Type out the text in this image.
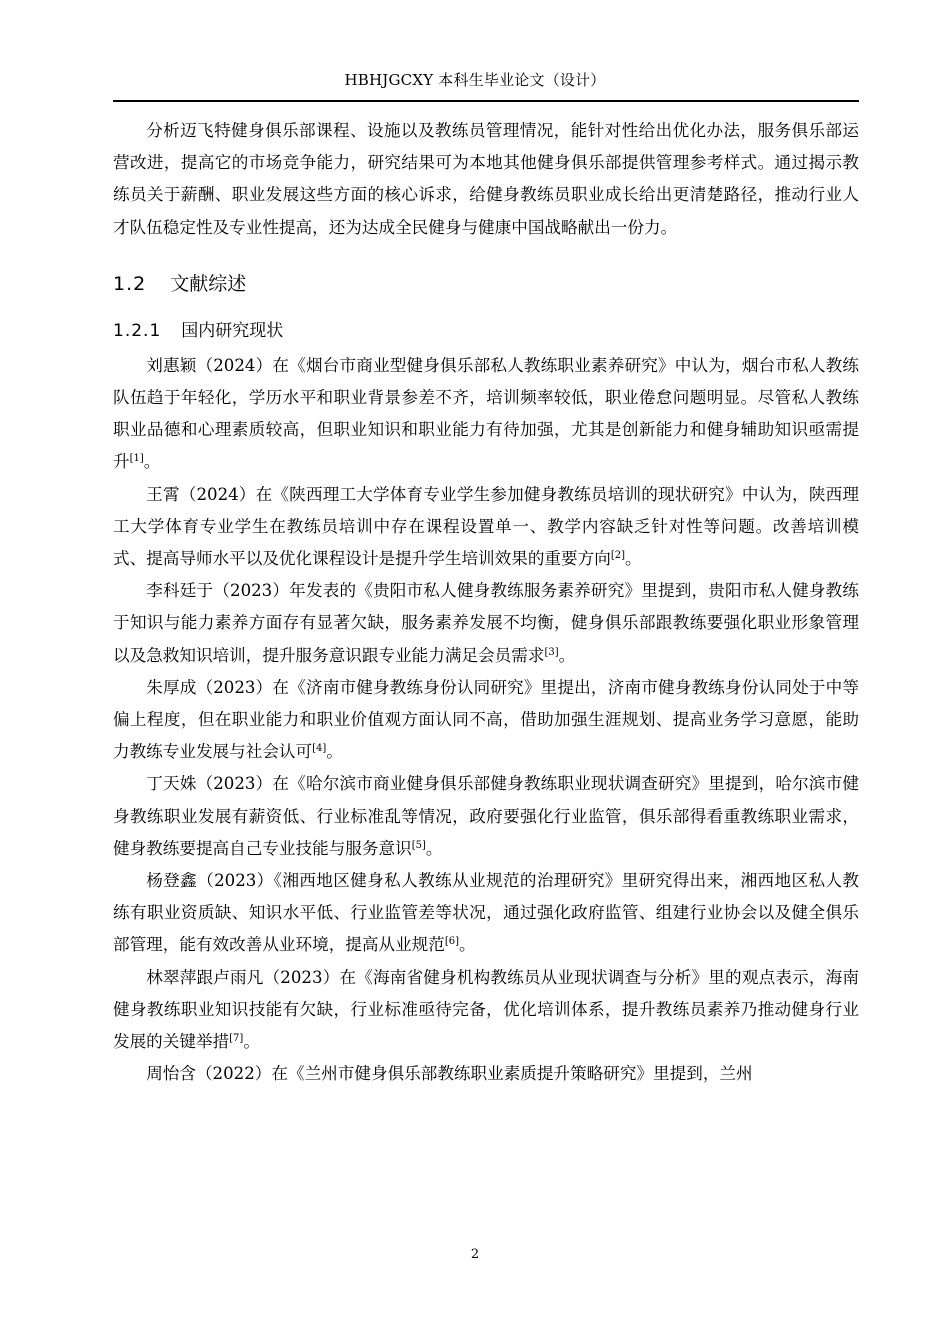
HBHJGCXY 本科生毕业论文（设计）

分析迈飞特健身俱乐部课程、设施以及教练员管理情况，能针对性给出优化办法，服务俱乐部运营改进，提高它的市场竞争能力，研究结果可为本地其他健身俱乐部提供管理参考样式。通过揭示教练员关于薪酬、职业发展这些方面的核心诉求，给健身教练员职业成长给出更清楚路径，推动行业人才队伍稳定性及专业性提高，还为达成全民健身与健康中国战略献出一份力。

1.2 文献综述
1.2.1 国内研究现状

刘惠颖（2024）在《烟台市商业型健身俱乐部私人教练职业素养研究》中认为，烟台市私人教练队伍趋于年轻化，学历水平和职业背景参差不齐，培训频率较低，职业倦怠问题明显。尽管私人教练职业品德和心理素质较高，但职业知识和职业能力有待加强，尤其是创新能力和健身辅助知识亟需提升[1]。

王霄（2024）在《陕西理工大学体育专业学生参加健身教练员培训的现状研究》中认为，陕西理工大学体育专业学生在教练员培训中存在课程设置单一、教学内容缺乏针对性等问题。改善培训模式、提高导师水平以及优化课程设计是提升学生培训效果的重要方向[2]。

李科廷于（2023）年发表的《贵阳市私人健身教练服务素养研究》里提到，贵阳市私人健身教练于知识与能力素养方面存有显著欠缺，服务素养发展不均衡，健身俱乐部跟教练要强化职业形象管理以及急救知识培训，提升服务意识跟专业能力满足会员需求[3]。

朱厚成（2023）在《济南市健身教练身份认同研究》里提出，济南市健身教练身份认同处于中等偏上程度，但在职业能力和职业价值观方面认同不高，借助加强生涯规划、提高业务学习意愿，能助力教练专业发展与社会认可[4]。

丁天姝（2023）在《哈尔滨市商业健身俱乐部健身教练职业现状调查研究》里提到，哈尔滨市健身教练职业发展有薪资低、行业标准乱等情况，政府要强化行业监管，俱乐部得看重教练职业需求，健身教练要提高自己专业技能与服务意识[5]。

杨登鑫（2023）《湘西地区健身私人教练从业规范的治理研究》里研究得出来，湘西地区私人教练有职业资质缺、知识水平低、行业监管差等状况，通过强化政府监管、组建行业协会以及健全俱乐部管理，能有效改善从业环境，提高从业规范[6]。

林翠萍跟卢雨凡（2023）在《海南省健身机构教练员从业现状调查与分析》里的观点表示，海南健身教练职业知识技能有欠缺，行业标准亟待完备，优化培训体系，提升教练员素养乃推动健身行业发展的关键举措[7]。

周怡含（2022）在《兰州市健身俱乐部教练职业素质提升策略研究》里提到，兰州

2
